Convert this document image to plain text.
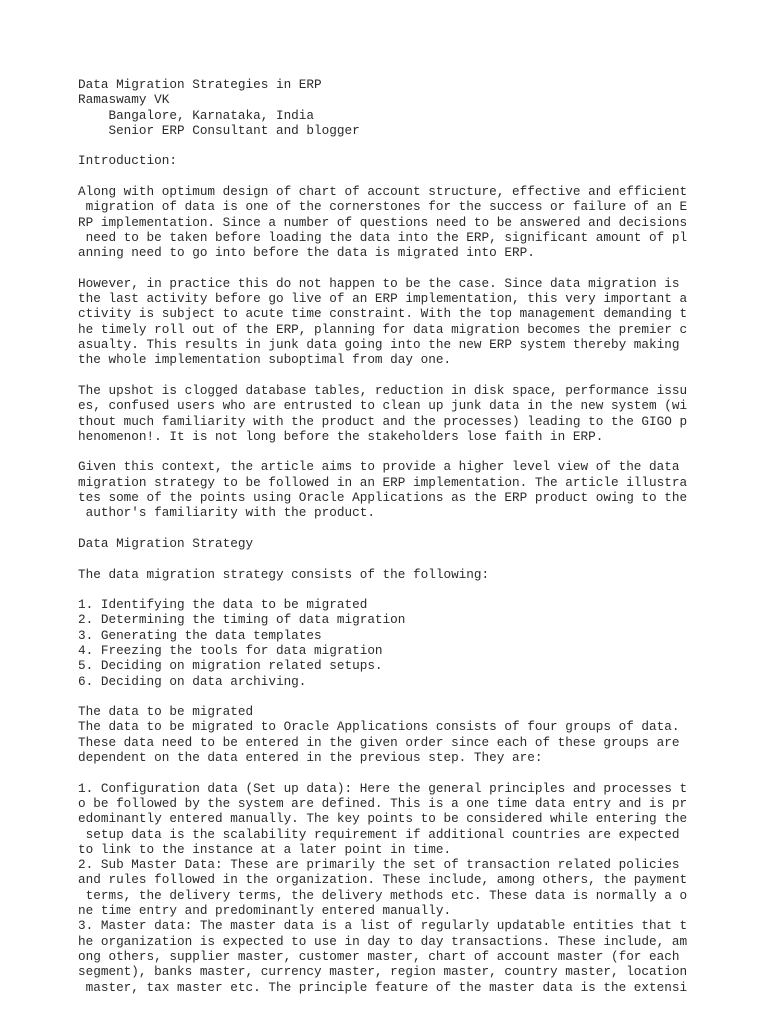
Data Migration Strategies in ERP
Ramaswamy VK
Bangalore, Karnataka, India
Senior ERP Consultant and blogger
Introduction:
Along with optimum design of chart of account structure, effective and efficient
migration of data is one of the cornerstones for the success or failure of an E
RP implementation. Since a number of questions need to be answered and decisions
need to be taken before loading the data into the ERP, significant amount of pl
anning need to go into before the data is migrated into ERP.
However, in practice this do not happen to be the case. Since data migration is
the last activity before go live of an ERP implementation, this very important a
ctivity is subject to acute time constraint. With the top management demanding t
he timely roll out of the ERP, planning for data migration becomes the premier c
asualty. This results in junk data going into the new ERP system thereby making
the whole implementation suboptimal from day one.
The upshot is clogged database tables, reduction in disk space, performance issu
es, confused users who are entrusted to clean up junk data in the new system (wi
thout much familiarity with the product and the processes) leading to the GIGO p
henomenon!. It is not long before the stakeholders lose faith in ERP.
Given this context, the article aims to provide a higher level view of the data
migration strategy to be followed in an ERP implementation. The article illustra
tes some of the points using Oracle Applications as the ERP product owing to the
author's familiarity with the product.
Data Migration Strategy
The data migration strategy consists of the following:
1. Identifying the data to be migrated
2. Determining the timing of data migration
3. Generating the data templates
4. Freezing the tools for data migration
5. Deciding on migration related setups.
6. Deciding on data archiving.
The data to be migrated
The data to be migrated to Oracle Applications consists of four groups of data.
These data need to be entered in the given order since each of these groups are
dependent on the data entered in the previous step. They are:
1. Configuration data (Set up data): Here the general principles and processes t
o be followed by the system are defined. This is a one time data entry and is pr
edominantly entered manually. The key points to be considered while entering the
setup data is the scalability requirement if additional countries are expected
to link to the instance at a later point in time.
2. Sub Master Data: These are primarily the set of transaction related policies
and rules followed in the organization. These include, among others, the payment
terms, the delivery terms, the delivery methods etc. These data is normally a o
ne time entry and predominantly entered manually.
3. Master data: The master data is a list of regularly updatable entities that t
he organization is expected to use in day to day transactions. These include, am
ong others, supplier master, customer master, chart of account master (for each
segment), banks master, currency master, region master, country master, location
master, tax master etc. The principle feature of the master data is the extensi
